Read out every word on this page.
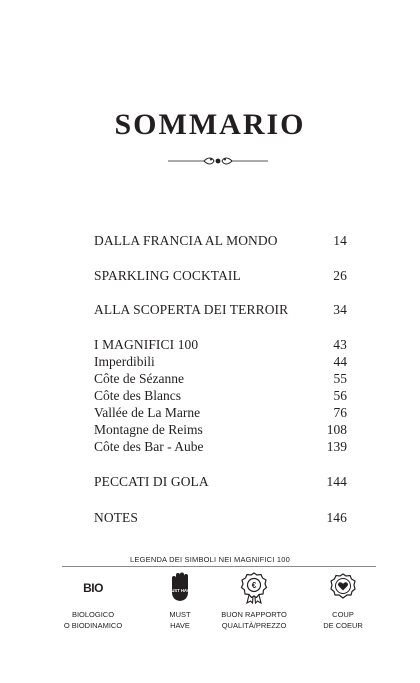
SOMMARIO
DALLA FRANCIA AL MONDO	14
SPARKLING COCKTAIL	26
ALLA SCOPERTA DEI TERROIR	34
I MAGNIFICI 100	43
Imperdibili	44
Côte de Sézanne	55
Côte des Blancs	56
Vallée de La Marne	76
Montagne de Reims	108
Côte des Bar - Aube	139
PECCATI DI GOLA	144
NOTES	146
LEGENDA DEI SIMBOLI NEI MAGNIFICI 100
BIO
BIOLOGICO
O BIODINAMICO
MUST HAVE
MUST
HAVE
€
BUON RAPPORTO
QUALITÀ/PREZZO
COUP
DE COEUR
